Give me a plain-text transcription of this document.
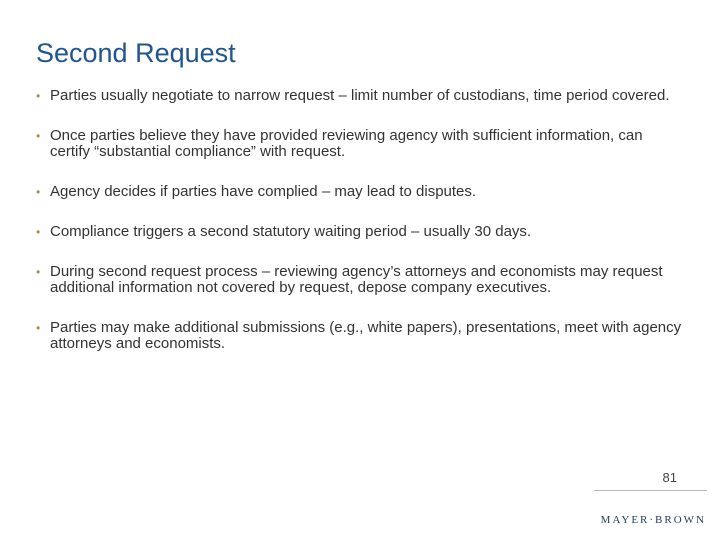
Second Request
• Parties usually negotiate to narrow request – limit number of custodians, time period covered.
• Once parties believe they have provided reviewing agency with sufficient information, can certify “substantial compliance” with request.
• Agency decides if parties have complied – may lead to disputes.
• Compliance triggers a second statutory waiting period – usually 30 days.
• During second request process – reviewing agency’s attorneys and economists may request additional information not covered by request, depose company executives.
• Parties may make additional submissions (e.g., white papers), presentations, meet with agency attorneys and economists.
81
MAYER·BROWN
